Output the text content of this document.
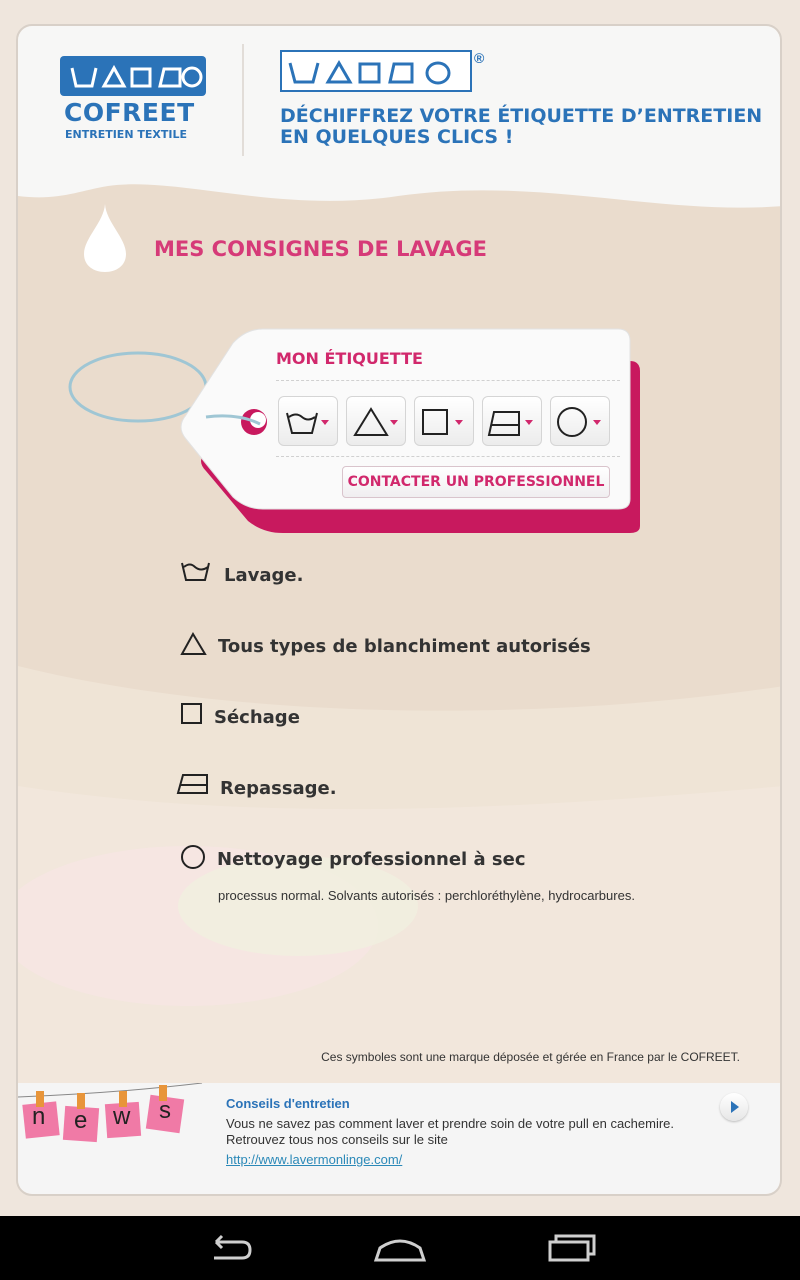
COFREET
ENTRETIEN TEXTILE
®
DÉCHIFFREZ VOTRE ÉTIQUETTE D’ENTRETIEN
EN QUELQUES CLICS !
MES CONSIGNES DE LAVAGE
MON ÉTIQUETTE
CONTACTER UN PROFESSIONNEL
Lavage.
Tous types de blanchiment autorisés
Séchage
Repassage.
Nettoyage professionnel à sec
processus normal. Solvants autorisés : perchloréthylène, hydrocarbures.
Ces symboles sont une marque déposée et gérée en France par le COFREET.
n e w s	Conseils d'entretien
Vous ne savez pas comment laver et prendre soin de votre pull en cachemire.
Retrouvez tous nos conseils sur le site
http://www.lavermonlinge.com/
